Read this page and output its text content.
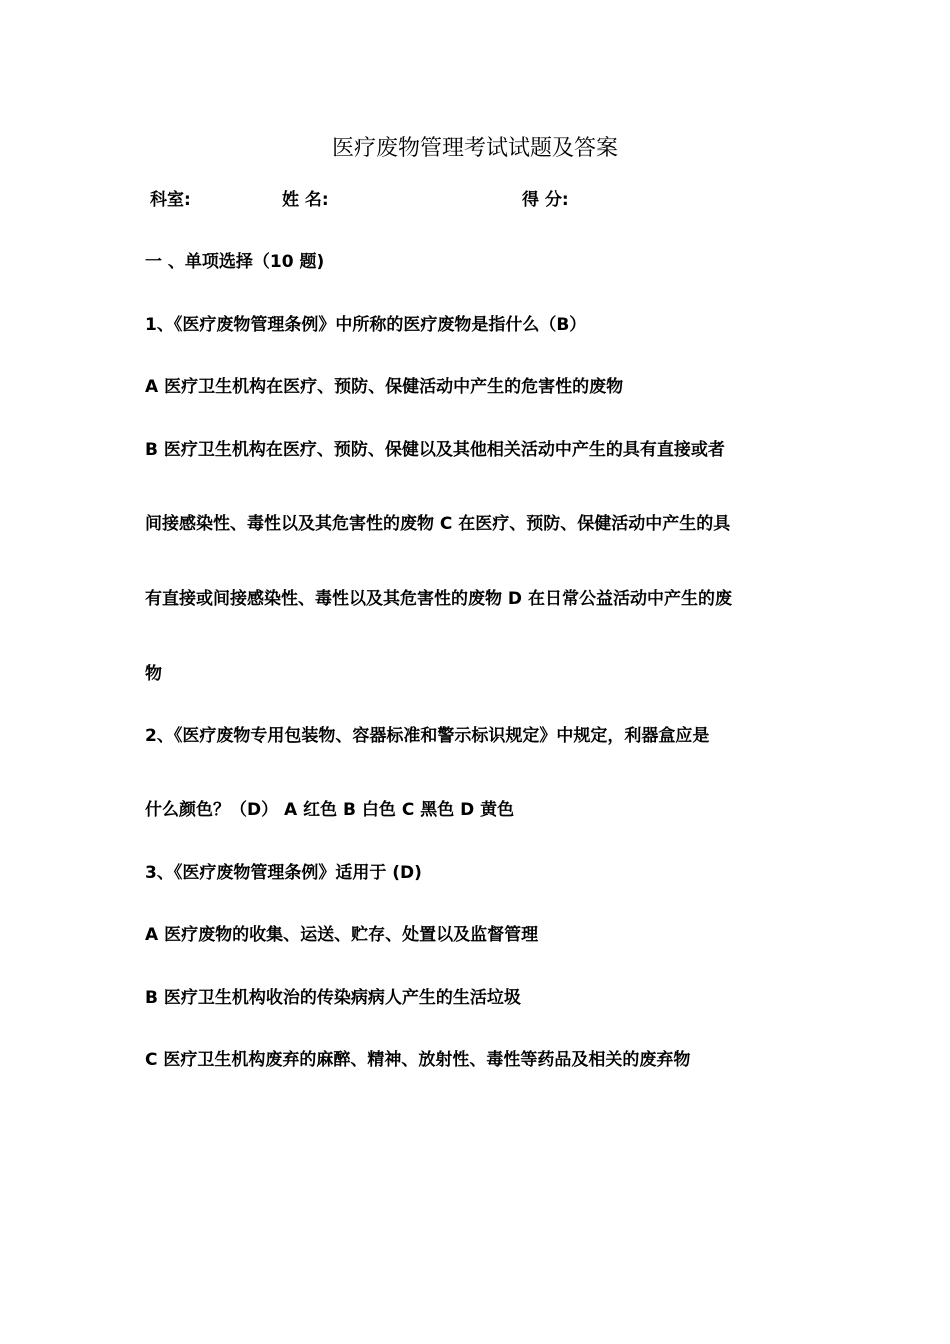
医疗废物管理考试试题及答案
科室:	姓 名:	得 分:
一 、单项选择（10 题)
1、《医疗废物管理条例》中所称的医疗废物是指什么（B）
A 医疗卫生机构在医疗、预防、保健活动中产生的危害性的废物
B 医疗卫生机构在医疗、预防、保健以及其他相关活动中产生的具有直接或者
间接感染性、毒性以及其危害性的废物 C 在医疗、预防、保健活动中产生的具
有直接或间接感染性、毒性以及其危害性的废物 D 在日常公益活动中产生的废
物
2、《医疗废物专用包装物、容器标准和警示标识规定》中规定，利器盒应是
什么颜色？（D） A 红色 B 白色 C 黑色 D 黄色
3、《医疗废物管理条例》适用于 (D)
A 医疗废物的收集、运送、贮存、处置以及监督管理
B 医疗卫生机构收治的传染病病人产生的生活垃圾
C 医疗卫生机构废弃的麻醉、精神、放射性、毒性等药品及相关的废弃物
